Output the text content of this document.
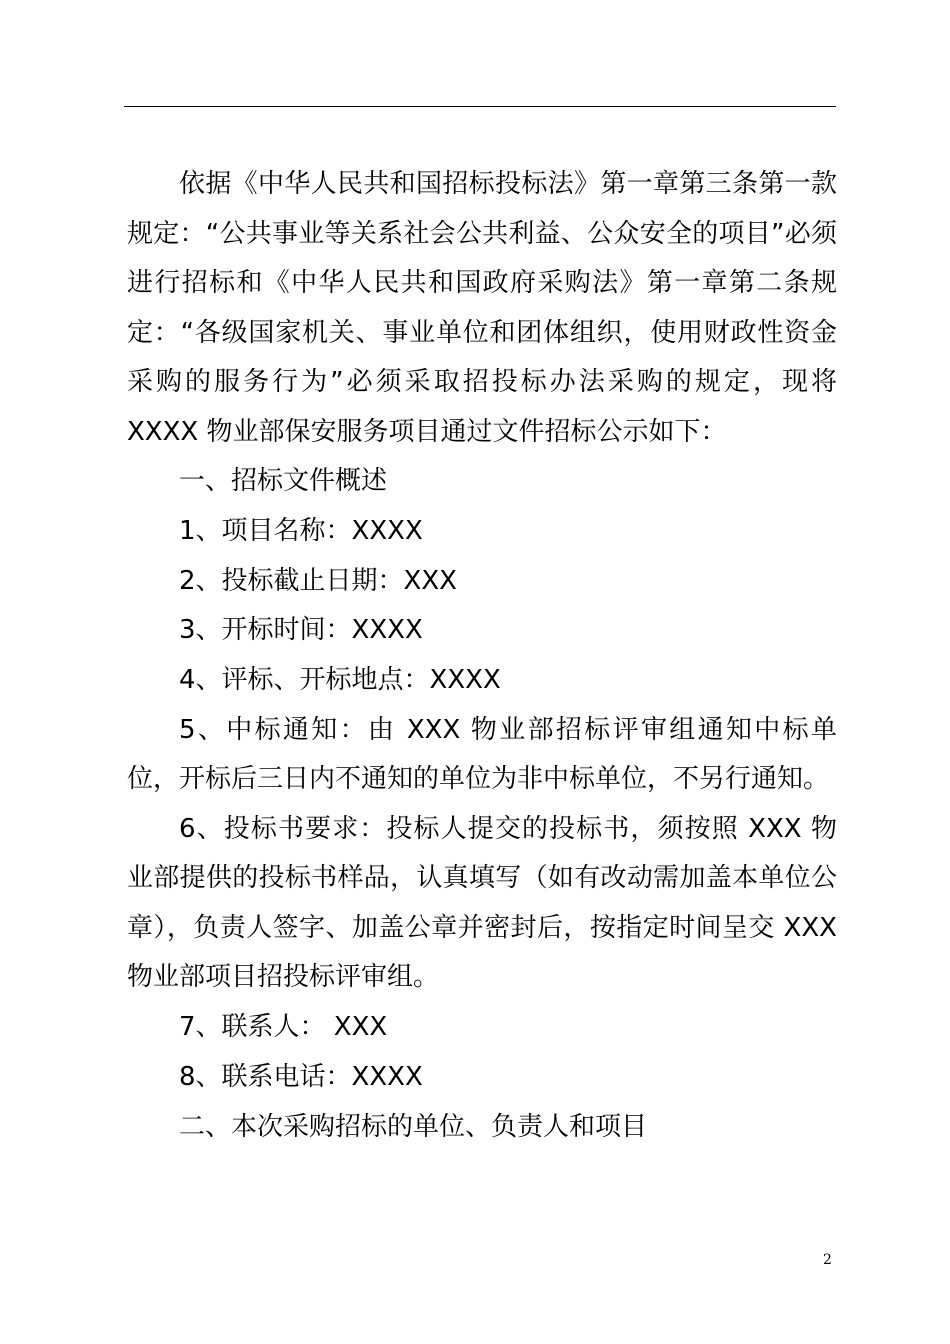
依据《中华人民共和国招标投标法》第一章第三条第一款规定：“公共事业等关系社会公共利益、公众安全的项目”必须进行招标和《中华人民共和国政府采购法》第一章第二条规定：“各级国家机关、事业单位和团体组织，使用财政性资金采购的服务行为”必须采取招投标办法采购的规定，现将 XXXX 物业部保安服务项目通过文件招标公示如下：

一、招标文件概述

1、项目名称：XXXX

2、投标截止日期：XXX

3、开标时间：XXXX

4、评标、开标地点：XXXX

5、中标通知：由 XXX 物业部招标评审组通知中标单位，开标后三日内不通知的单位为非中标单位，不另行通知。

6、投标书要求：投标人提交的投标书，须按照 XXX 物业部提供的投标书样品，认真填写（如有改动需加盖本单位公章），负责人签字、加盖公章并密封后，按指定时间呈交 XXX 物业部项目招投标评审组。

7、联系人： XXX

8、联系电话：XXXX

二、本次采购招标的单位、负责人和项目

2
